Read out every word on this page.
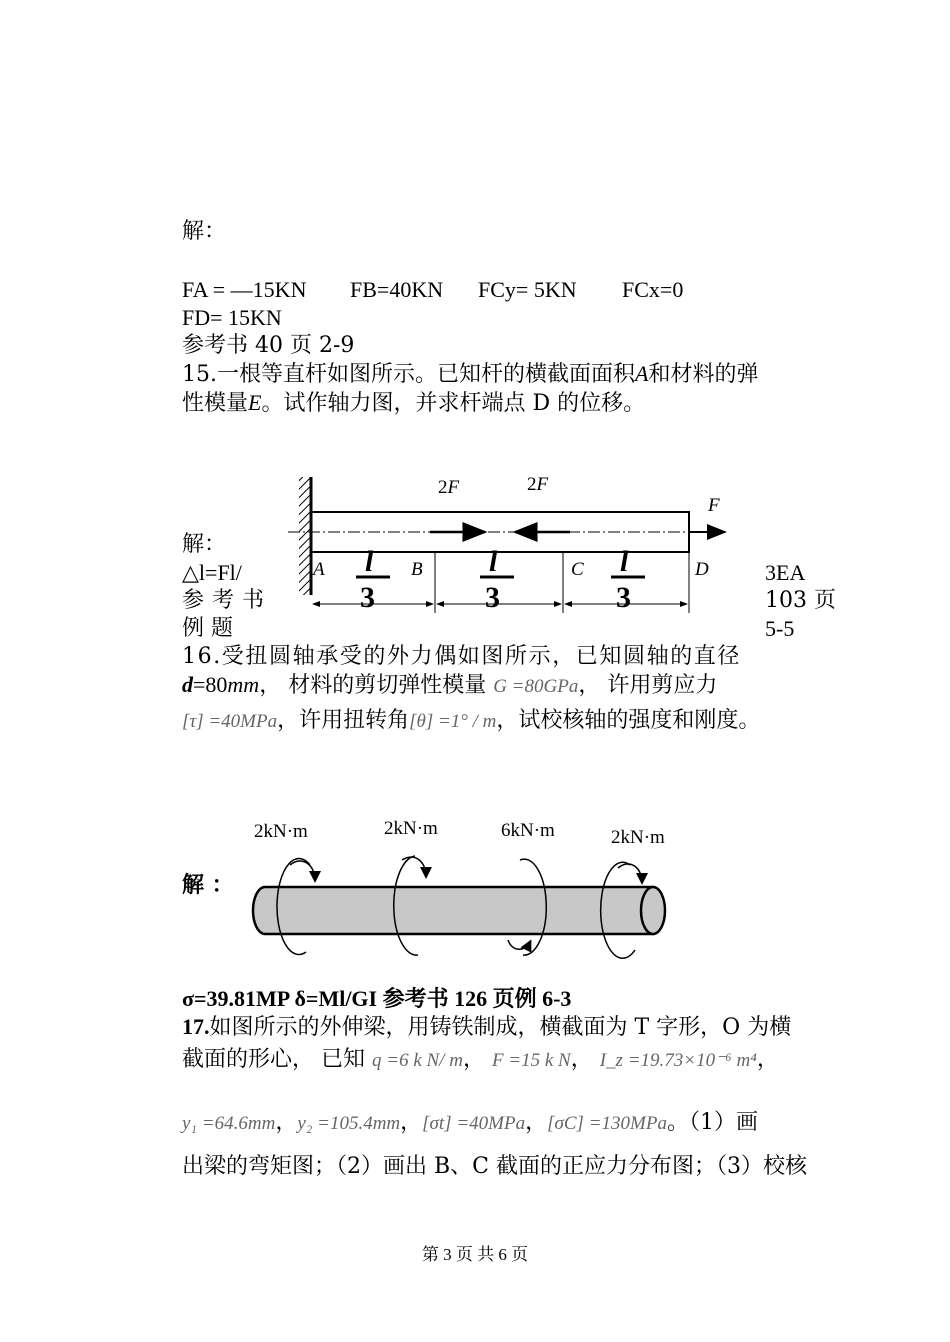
解：
FA = —15KN FB=40KN FCy= 5KN FCx=0
FD= 15KN
参考书 40 页 2-9
15.一根等直杆如图所示。已知杆的横截面面积A和材料的弹
性模量E。试作轴力图，并求杆端点 D 的位移。
2F	2F
F
A	B	C	D
l
3
l
3
l
3
解：
△l=Fl/
参考书
例 题
3EA
103 页
5-5
16.受扭圆轴承受的外力偶如图所示，已知圆轴的直径
d=80mm， 材料的剪切弹性模量 G =80GPa， 许用剪应力
[τ] =40MPa，许用扭转角[θ] =1° / m，试校核轴的强度和刚度。
2kN·m	2kN·m	6kN·m	2kN·m
解 ：
σ=39.81MP δ=Ml/GI 参考书 126 页例 6-3
17.如图所示的外伸梁，用铸铁制成，横截面为 T 字形，O 为横
截面的形心， 已知 q =6 k N/ m， F =15 k N， I_z =19.73×10⁻⁶ m⁴，
y₁ =64.6mm，y₂ =105.4mm，[σt] =40MPa，[σC] =130MPa。（1）画
出梁的弯矩图；（2）画出 B、C 截面的正应力分布图；（3）校核
第 3 页 共 6 页
